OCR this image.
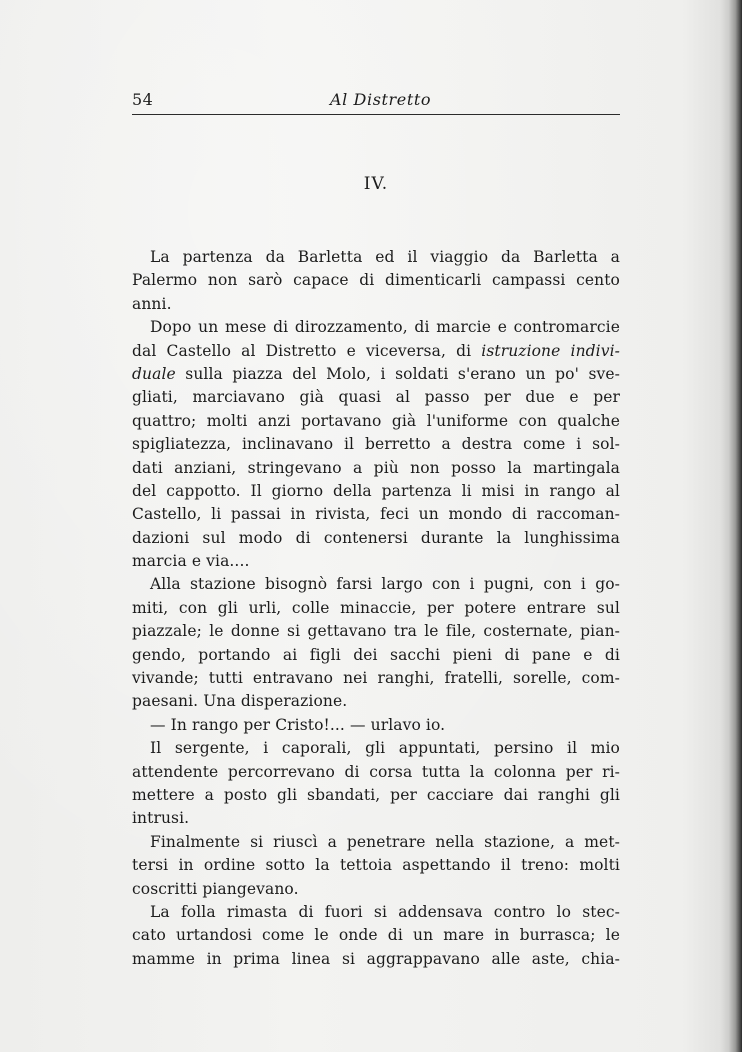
54	Al Distretto
IV.
La partenza da Barletta ed il viaggio da Barletta a
Palermo non sarò capace di dimenticarli campassi cento
anni.
Dopo un mese di dirozzamento, di marcie e contromarcie
dal Castello al Distretto e viceversa, di istruzione indivi-
duale sulla piazza del Molo, i soldati s'erano un po' sve-
gliati, marciavano già quasi al passo per due e per
quattro; molti anzi portavano già l'uniforme con qualche
spigliatezza, inclinavano il berretto a destra come i sol-
dati anziani, stringevano a più non posso la martingala
del cappotto. Il giorno della partenza li misi in rango al
Castello, li passai in rivista, feci un mondo di raccoman-
dazioni sul modo di contenersi durante la lunghissima
marcia e via....
Alla stazione bisognò farsi largo con i pugni, con i go-
miti, con gli urli, colle minaccie, per potere entrare sul
piazzale; le donne si gettavano tra le file, costernate, pian-
gendo, portando ai figli dei sacchi pieni di pane e di
vivande; tutti entravano nei ranghi, fratelli, sorelle, com-
paesani. Una disperazione.
— In rango per Cristo!... — urlavo io.
Il sergente, i caporali, gli appuntati, persino il mio
attendente percorrevano di corsa tutta la colonna per ri-
mettere a posto gli sbandati, per cacciare dai ranghi gli
intrusi.
Finalmente si riuscì a penetrare nella stazione, a met-
tersi in ordine sotto la tettoia aspettando il treno: molti
coscritti piangevano.
La folla rimasta di fuori si addensava contro lo stec-
cato urtandosi come le onde di un mare in burrasca; le
mamme in prima linea si aggrappavano alle aste, chia-
